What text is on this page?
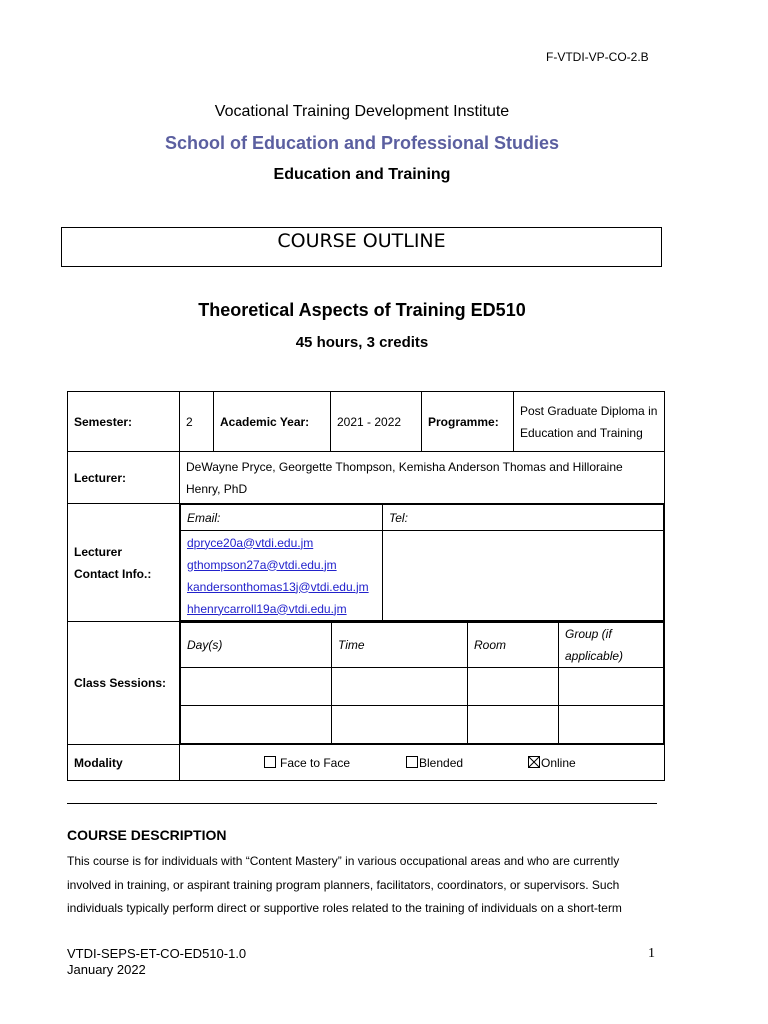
F-VTDI-VP-CO-2.B
Vocational Training Development Institute
School of Education and Professional Studies
Education and Training
COURSE OUTLINE
Theoretical Aspects of Training ED510
45 hours, 3 credits
Semester:	2	Academic Year:	2021 - 2022	Programme:	Post Graduate Diploma in Education and Training
Lecturer:	DeWayne Pryce, Georgette Thompson, Kemisha Anderson Thomas and Hilloraine Henry, PhD
Lecturer
Contact Info.:	
Email:	Tel:

dpryce20a@vtdi.edu.jm
gthompson27a@vtdi.edu.jm
kandersonthomas13j@vtdi.edu.jm
hhenrycarroll19a@vtdi.edu.jm

Class Sessions:	
Day(s)	Time	Room	Group (if applicable)

Modality	Face to Face	Blended	Online
COURSE DESCRIPTION
This course is for individuals with “Content Mastery” in various occupational areas and who are currently involved in training, or aspirant training program planners, facilitators, coordinators, or supervisors. Such individuals typically perform direct or supportive roles related to the training of individuals on a short-term
VTDI-SEPS-ET-CO-ED510-1.0
January 2022
1
